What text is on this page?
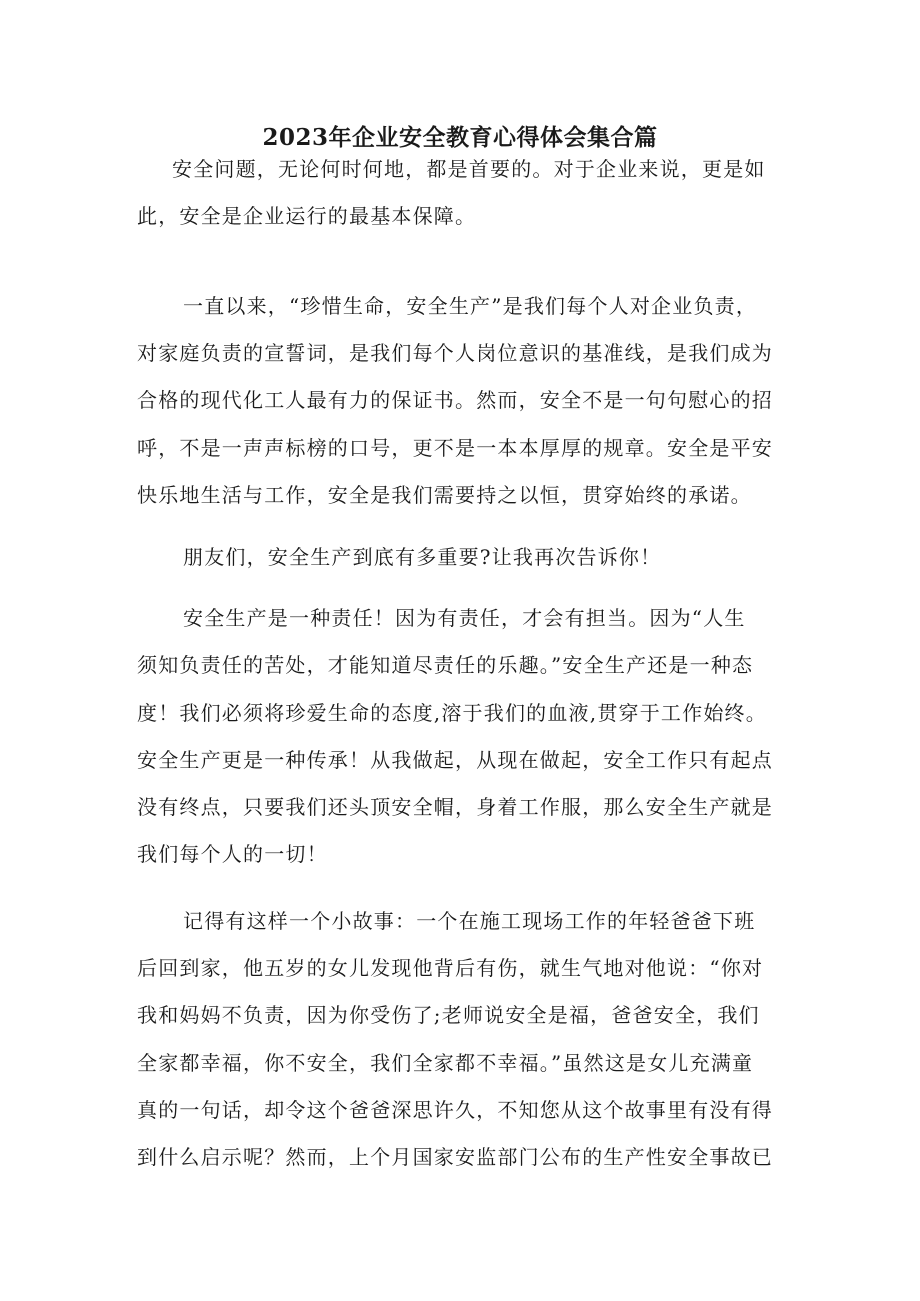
2023年企业安全教育心得体会集合篇
安全问题，无论何时何地，都是首要的。对于企业来说，更是如
此，安全是企业运行的最基本保障。
一直以来，“珍惜生命，安全生产”是我们每个人对企业负责，
对家庭负责的宣誓词，是我们每个人岗位意识的基准线，是我们成为
合格的现代化工人最有力的保证书。然而，安全不是一句句慰心的招
呼，不是一声声标榜的口号，更不是一本本厚厚的规章。安全是平安
快乐地生活与工作，安全是我们需要持之以恒，贯穿始终的承诺。
朋友们，安全生产到底有多重要?让我再次告诉你！
安全生产是一种责任！因为有责任，才会有担当。因为“人生
须知负责任的苦处，才能知道尽责任的乐趣。”安全生产还是一种态
度！我们必须将珍爱生命的态度,溶于我们的血液,贯穿于工作始终。
安全生产更是一种传承！从我做起，从现在做起，安全工作只有起点
没有终点，只要我们还头顶安全帽，身着工作服，那么安全生产就是
我们每个人的一切！
记得有这样一个小故事：一个在施工现场工作的年轻爸爸下班
后回到家，他五岁的女儿发现他背后有伤，就生气地对他说：“你对
我和妈妈不负责，因为你受伤了;老师说安全是福，爸爸安全，我们
全家都幸福，你不安全，我们全家都不幸福。”虽然这是女儿充满童
真的一句话，却令这个爸爸深思许久，不知您从这个故事里有没有得
到什么启示呢？然而，上个月国家安监部门公布的生产性安全事故已
